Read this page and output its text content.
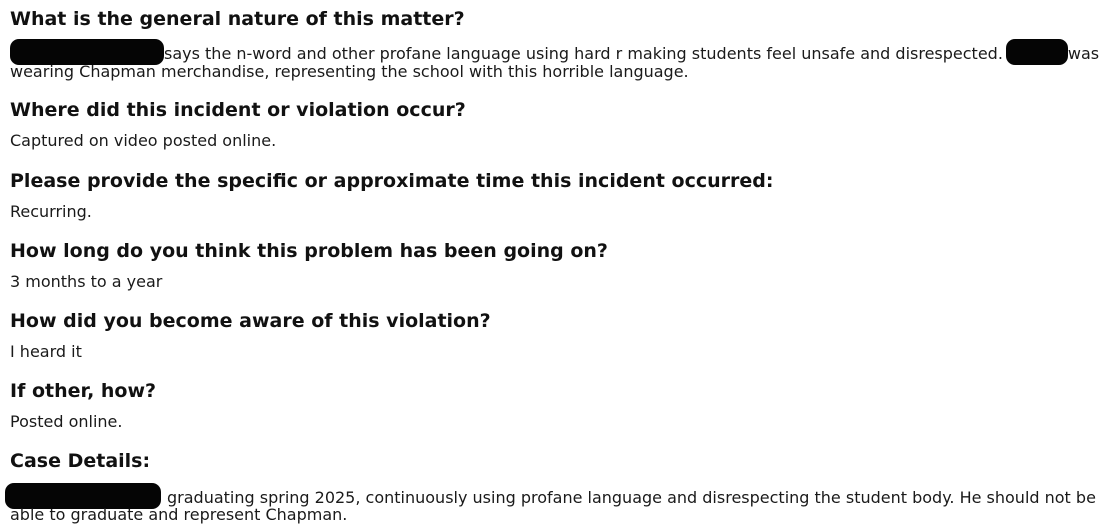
What is the general nature of this matter?
says the n-word and other profane language using hard r making students feel unsafe and disrespected.	was
wearing Chapman merchandise, representing the school with this horrible language.
Where did this incident or violation occur?
Captured on video posted online.
Please provide the specific or approximate time this incident occurred:
Recurring.
How long do you think this problem has been going on?
3 months to a year
How did you become aware of this violation?
I heard it
If other, how?
Posted online.
Case Details:
graduating spring 2025, continuously using profane language and disrespecting the student body. He should not be
able to graduate and represent Chapman.
